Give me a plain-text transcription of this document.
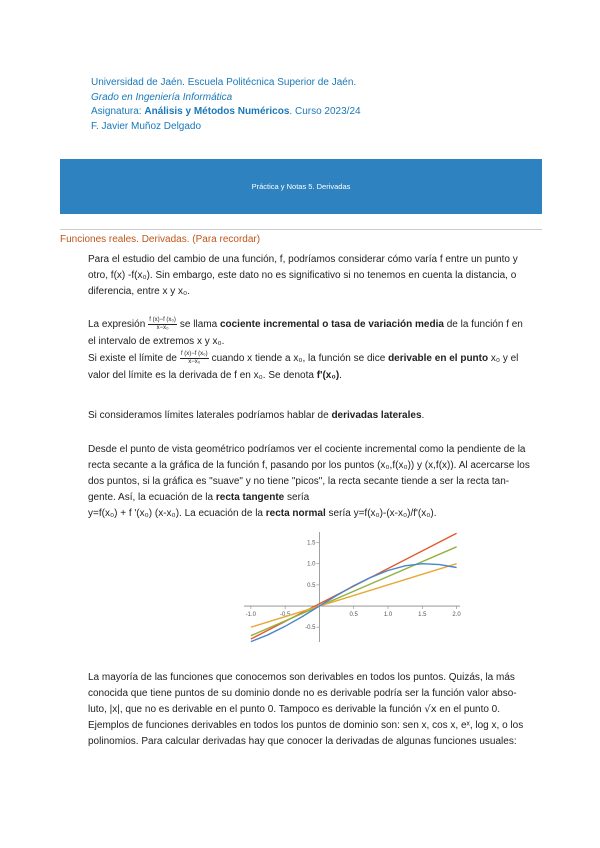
Universidad de Jaén. Escuela Politécnica Superior de Jaén.
Grado en Ingeniería Informática
Asignatura: Análisis y Métodos Numéricos. Curso 2023/24
F. Javier Muñoz Delgado
Práctica y Notas 5. Derivadas
Funciones reales. Derivadas. (Para recordar)
Para el estudio del cambio de una función, f, podríamos considerar cómo varía f entre un punto y
otro, f(x) -f(x₀). Sin embargo, este dato no es significativo si no tenemos en cuenta la distancia, o
diferencia, entre x y x₀.
La expresión $\frac{\text{f (x)−f (x₀)}}{\text{x−x₀}}$ se llama cociente incremental o tasa de variación media de la función f en
el intervalo de extremos x y x₀.
Si existe el límite de $\frac{\text{f (x)−f (x₀)}}{\text{x−x₀}}$ cuando x tiende a x₀, la función se dice derivable en el punto x₀ y el
valor del límite es la derivada de f en x₀. Se denota f'(x₀).
Si consideramos límites laterales podríamos hablar de derivadas laterales.
Desde el punto de vista geométrico podríamos ver el cociente incremental como la pendiente de la
recta secante a la gráfica de la función f, pasando por los puntos (x₀,f(x₀)) y (x,f(x)). Al acercarse los
dos puntos, si la gráfica es "suave" y no tiene "picos", la recta secante tiende a ser la recta tan-
gente. Así, la ecuación de la recta tangente sería
y=f(x₀) + f '(x₀) (x-x₀). La ecuación de la recta normal sería y=f(x₀)-(x-x₀)/f'(x₀).
-1.0	-0.5	0.5	1.0	1.5	2.0
-0.5
0.5
1.0
1.5
La mayoría de las funciones que conocemos son derivables en todos los puntos. Quizás, la más
conocida que tiene puntos de su dominio donde no es derivable podría ser la función valor abso-
luto, |x|, que no es derivable en el punto 0. Tampoco es derivable la función √x en el punto 0.
Ejemplos de funciones derivables en todos los puntos de dominio son: sen x, cos x, eˣ, log x, o los
polinomios. Para calcular derivadas hay que conocer la derivadas de algunas funciones usuales:
